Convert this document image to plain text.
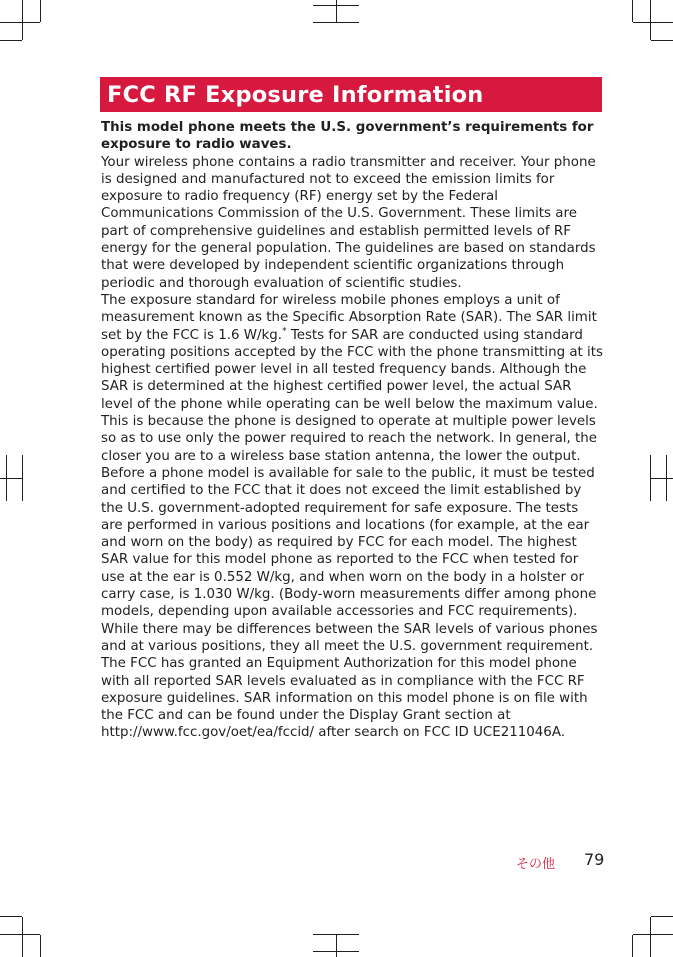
FCC RF Exposure Information

This model phone meets the U.S. government’s requirements for exposure to radio waves.

Your wireless phone contains a radio transmitter and receiver. Your phone is designed and manufactured not to exceed the emission limits for exposure to radio frequency (RF) energy set by the Federal Communications Commission of the U.S. Government. These limits are part of comprehensive guidelines and establish permitted levels of RF energy for the general population. The guidelines are based on standards that were developed by independent scientific organizations through periodic and thorough evaluation of scientific studies.

The exposure standard for wireless mobile phones employs a unit of measurement known as the Specific Absorption Rate (SAR). The SAR limit set by the FCC is 1.6 W/kg.* Tests for SAR are conducted using standard operating positions accepted by the FCC with the phone transmitting at its highest certified power level in all tested frequency bands. Although the SAR is determined at the highest certified power level, the actual SAR level of the phone while operating can be well below the maximum value. This is because the phone is designed to operate at multiple power levels so as to use only the power required to reach the network. In general, the closer you are to a wireless base station antenna, the lower the output.

Before a phone model is available for sale to the public, it must be tested and certified to the FCC that it does not exceed the limit established by the U.S. government-adopted requirement for safe exposure. The tests are performed in various positions and locations (for example, at the ear and worn on the body) as required by FCC for each model. The highest SAR value for this model phone as reported to the FCC when tested for use at the ear is 0.552 W/kg, and when worn on the body in a holster or carry case, is 1.030 W/kg. (Body-worn measurements differ among phone models, depending upon available accessories and FCC requirements). While there may be differences between the SAR levels of various phones and at various positions, they all meet the U.S. government requirement.

The FCC has granted an Equipment Authorization for this model phone with all reported SAR levels evaluated as in compliance with the FCC RF exposure guidelines. SAR information on this model phone is on file with the FCC and can be found under the Display Grant section at http://www.fcc.gov/oet/ea/fccid/ after search on FCC ID UCE211046A.

その他 79
